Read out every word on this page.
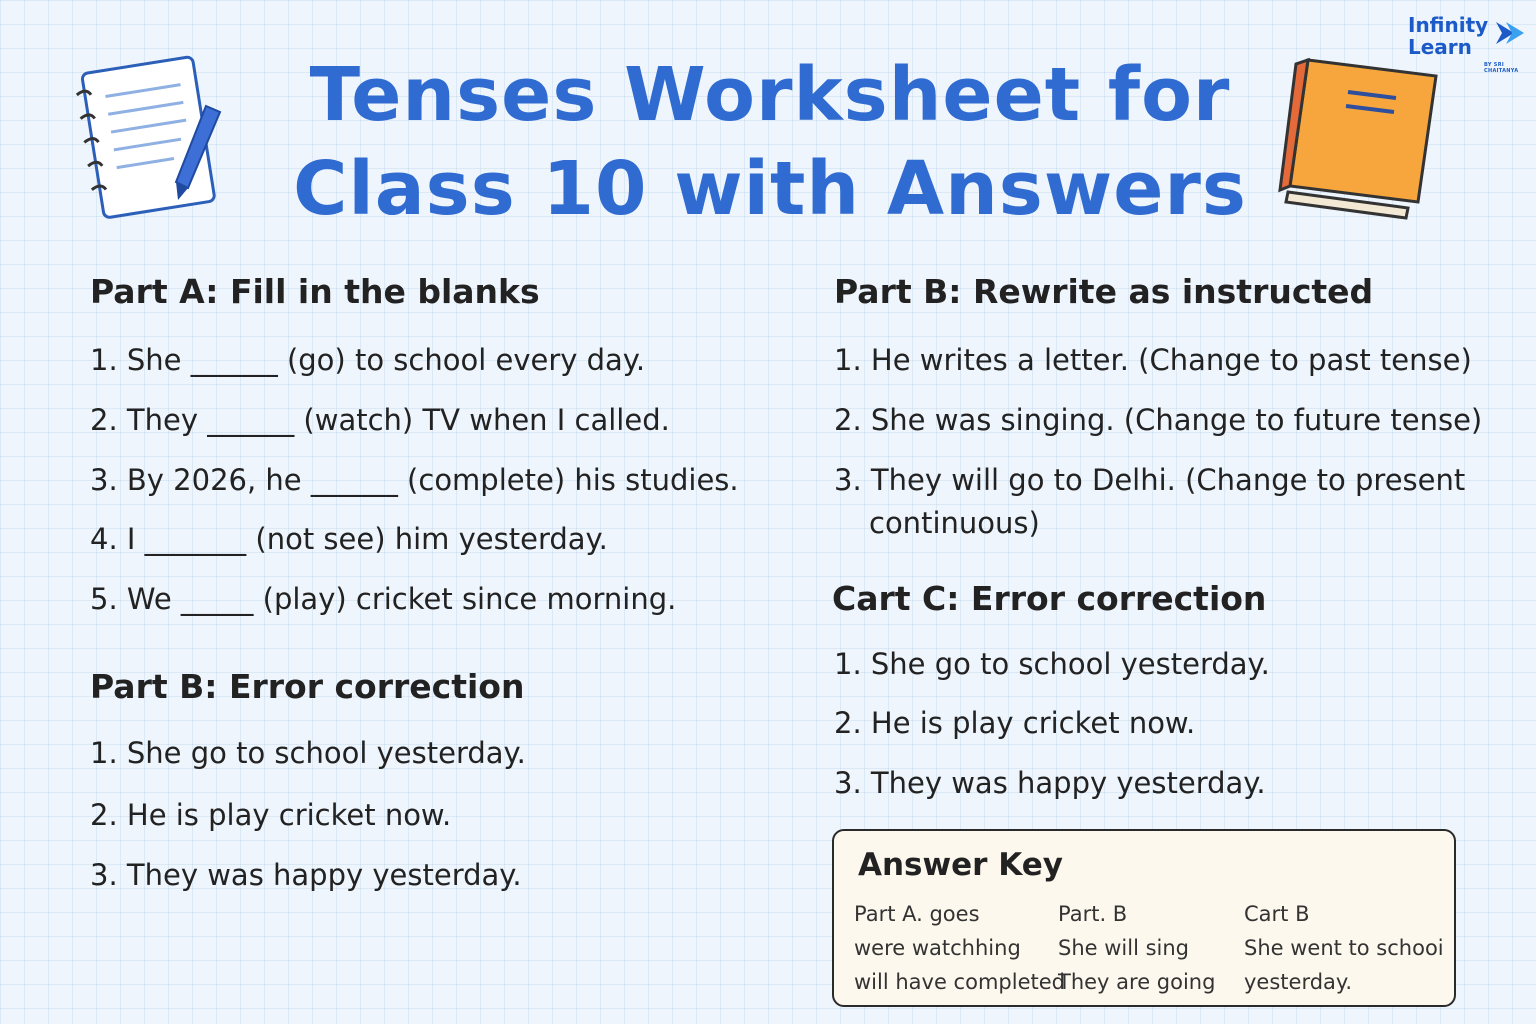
Infinity
Learn
BY SRI CHAITANYA
Tenses Worksheet for
Class 10 with Answers
Part A: Fill in the blanks
1. She ______ (go) to school every day.
2. They ______ (watch) TV when I called.
3. By 2026, he ______ (complete) his studies.
4. I _______ (not see) him yesterday.
5. We _____ (play) cricket since morning.
Part B: Error correction
1. She go to school yesterday.
2. He is play cricket now.
3. They was happy yesterday.
Part B: Rewrite as instructed
1. He writes a letter. (Change to past tense)
2. She was singing. (Change to future tense)
3. They will go to Delhi. (Change to present
continuous)
Cart C: Error correction
1. She go to school yesterday.
2. He is play cricket now.
3. They was happy yesterday.
Answer Key
Part A. goes
were watchhing
will have completed
Part. B
She will sing
They are going
Cart B
She went to schooi
yesterday.
